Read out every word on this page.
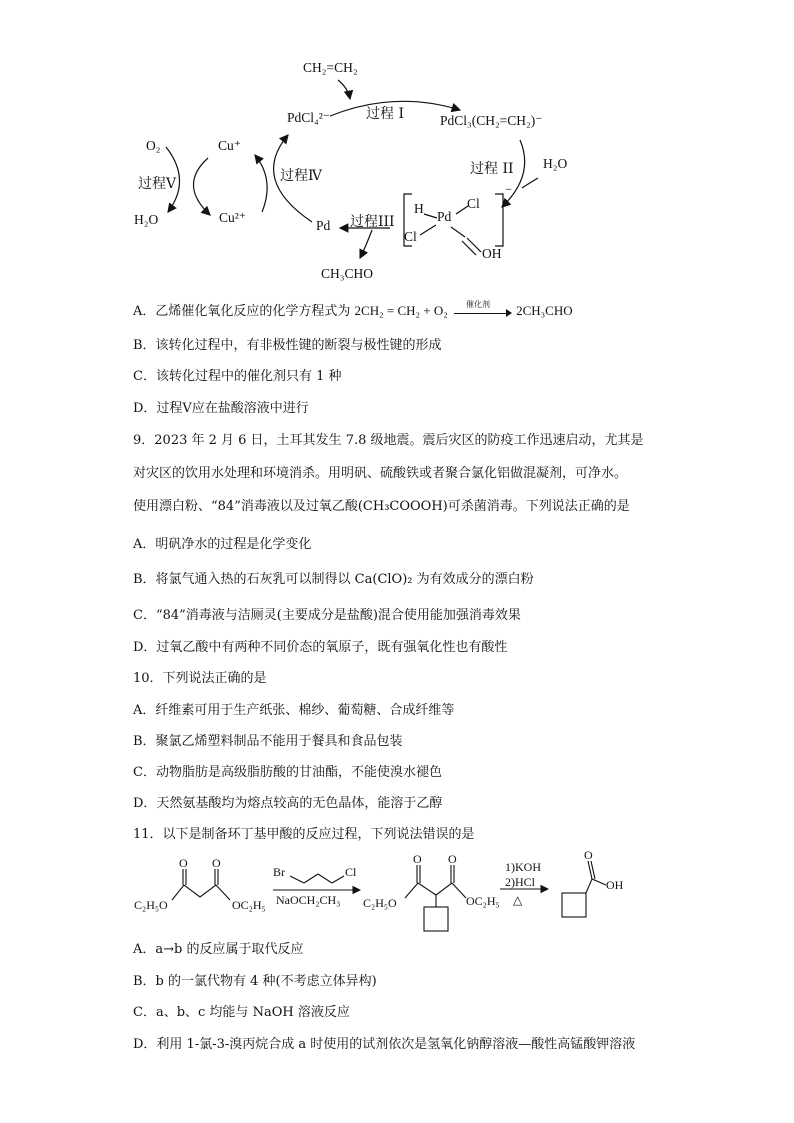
CH₂=CH₂
PdCl₄²⁻	过程 I	PdCl₃(CH₂=CH₂)⁻
过程 II H₂O
O₂	Cu⁺
过程Ⅴ	过程Ⅳ
H₂O	Cu²⁺
Pd 过程III
H
Pd
Cl
Cl
OH
⁻
CH₃CHO
A．乙烯催化氧化反应的化学方程式为 2CH₂ = CH₂ + O₂ 催化剂 2CH₃CHO
B．该转化过程中，有非极性键的断裂与极性键的形成
C．该转化过程中的催化剂只有 1 种
D．过程Ⅴ应在盐酸溶液中进行
9．2023 年 2 月 6 日，土耳其发生 7.8 级地震。震后灾区的防疫工作迅速启动，尤其是
对灾区的饮用水处理和环境消杀。用明矾、硫酸铁或者聚合氯化铝做混凝剂，可净水。
使用漂白粉、“84”消毒液以及过氧乙酸(CH₃COOOH)可杀菌消毒。下列说法正确的是
A．明矾净水的过程是化学变化
B．将氯气通入热的石灰乳可以制得以 Ca(ClO)₂ 为有效成分的漂白粉
C．“84”消毒液与洁厕灵(主要成分是盐酸)混合使用能加强消毒效果
D．过氧乙酸中有两种不同价态的氧原子，既有强氧化性也有酸性
10．下列说法正确的是
A．纤维素可用于生产纸张、棉纱、葡萄糖、合成纤维等
B．聚氯乙烯塑料制品不能用于餐具和食品包装
C．动物脂肪是高级脂肪酸的甘油酯，不能使溴水褪色
D．天然氨基酸均为熔点较高的无色晶体，能溶于乙醇
11．以下是制备环丁基甲酸的反应过程，下列说法错误的是
O O	O O	O
C₂H₅O	OC₂H₅
Br	Cl
NaOCH₂CH₃ C₂H₅O	OC₂H₅
1)KOH
2)HCl
△
OH
A．a→b 的反应属于取代反应
B．b 的一氯代物有 4 种(不考虑立体异构)
C．a、b、c 均能与 NaOH 溶液反应
D．利用 1-氯-3-溴丙烷合成 a 时使用的试剂依次是氢氧化钠醇溶液—酸性高锰酸钾溶液
